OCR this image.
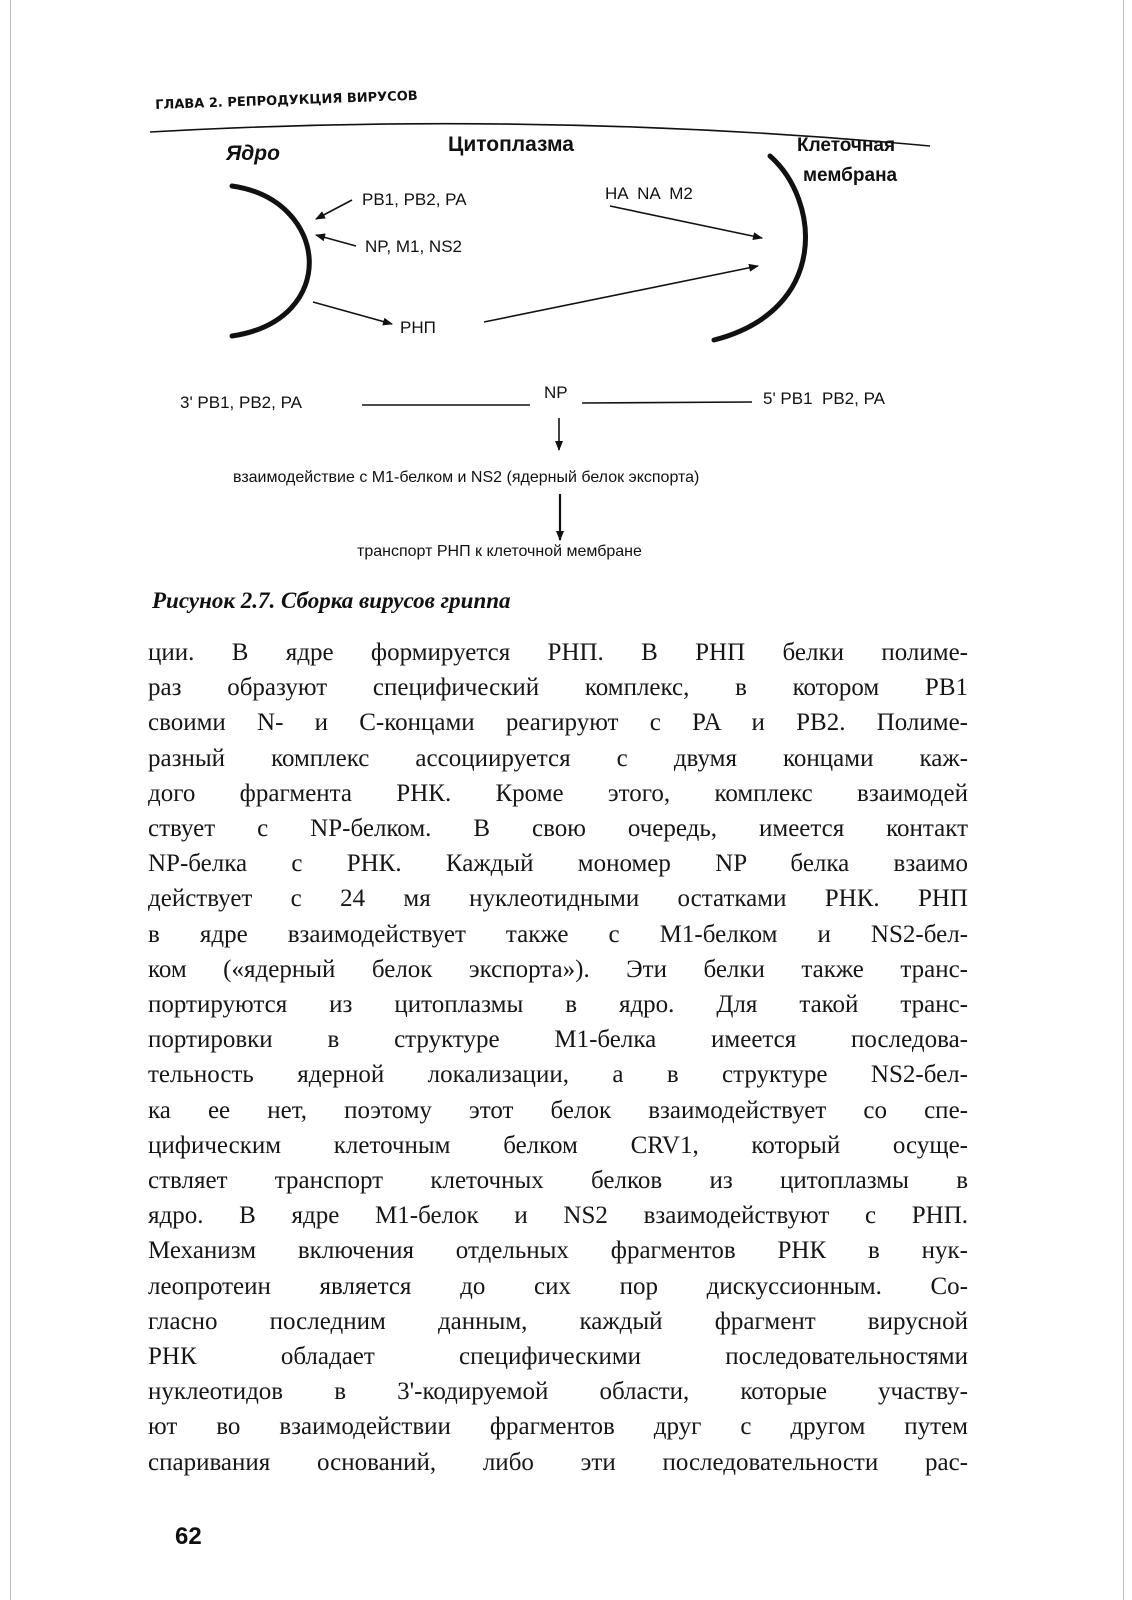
ГЛАВА 2. РЕПРОДУКЦИЯ ВИРУСОВ
Ядро	Цитоплазма	Клеточная
мембрана
PB1, PB2, PA
NP, M1, NS2
РНП
HA  NA  M2
3' PB1, PB2, PA
NP	5' PB1  PB2, PA
взаимодействие с M1-белком и NS2 (ядерный белок экспорта)
транспорт РНП к клеточной мембране
Рисунок 2.7. Сборка вирусов гриппа
ции. В ядре формируется РНП. В РНП белки полиме-
раз образуют специфический комплекс, в котором PB1
своими N- и C-концами реагируют с PA и PB2. Полиме-
разный комплекс ассоциируется с двумя концами каж-
дого фрагмента РНК. Кроме этого, комплекс взаимодей
ствует с NP-белком. В свою очередь, имеется контакт
NP-белка с РНК. Каждый мономер NP белка взаимо
действует с 24 мя нуклеотидными остатками РНК. РНП
в ядре взаимодействует также с M1-белком и NS2-бел-
ком («ядерный белок экспорта»). Эти белки также транс-
портируются из цитоплазмы в ядро. Для такой транс-
портировки в структуре M1-белка имеется последова-
тельность ядерной локализации, а в структуре NS2-бел-
ка ее нет, поэтому этот белок взаимодействует со спе-
цифическим клеточным белком CRV1, который осуще-
ствляет транспорт клеточных белков из цитоплазмы в
ядро. В ядре M1-белок и NS2 взаимодействуют с РНП.
Механизм включения отдельных фрагментов РНК в нук-
леопротеин является до сих пор дискуссионным. Со-
гласно последним данным, каждый фрагмент вирусной
РНК обладает специфическими последовательностями
нуклеотидов в 3'-кодируемой области, которые участву-
ют во взаимодействии фрагментов друг с другом путем
спаривания оснований, либо эти последовательности рас-
62
